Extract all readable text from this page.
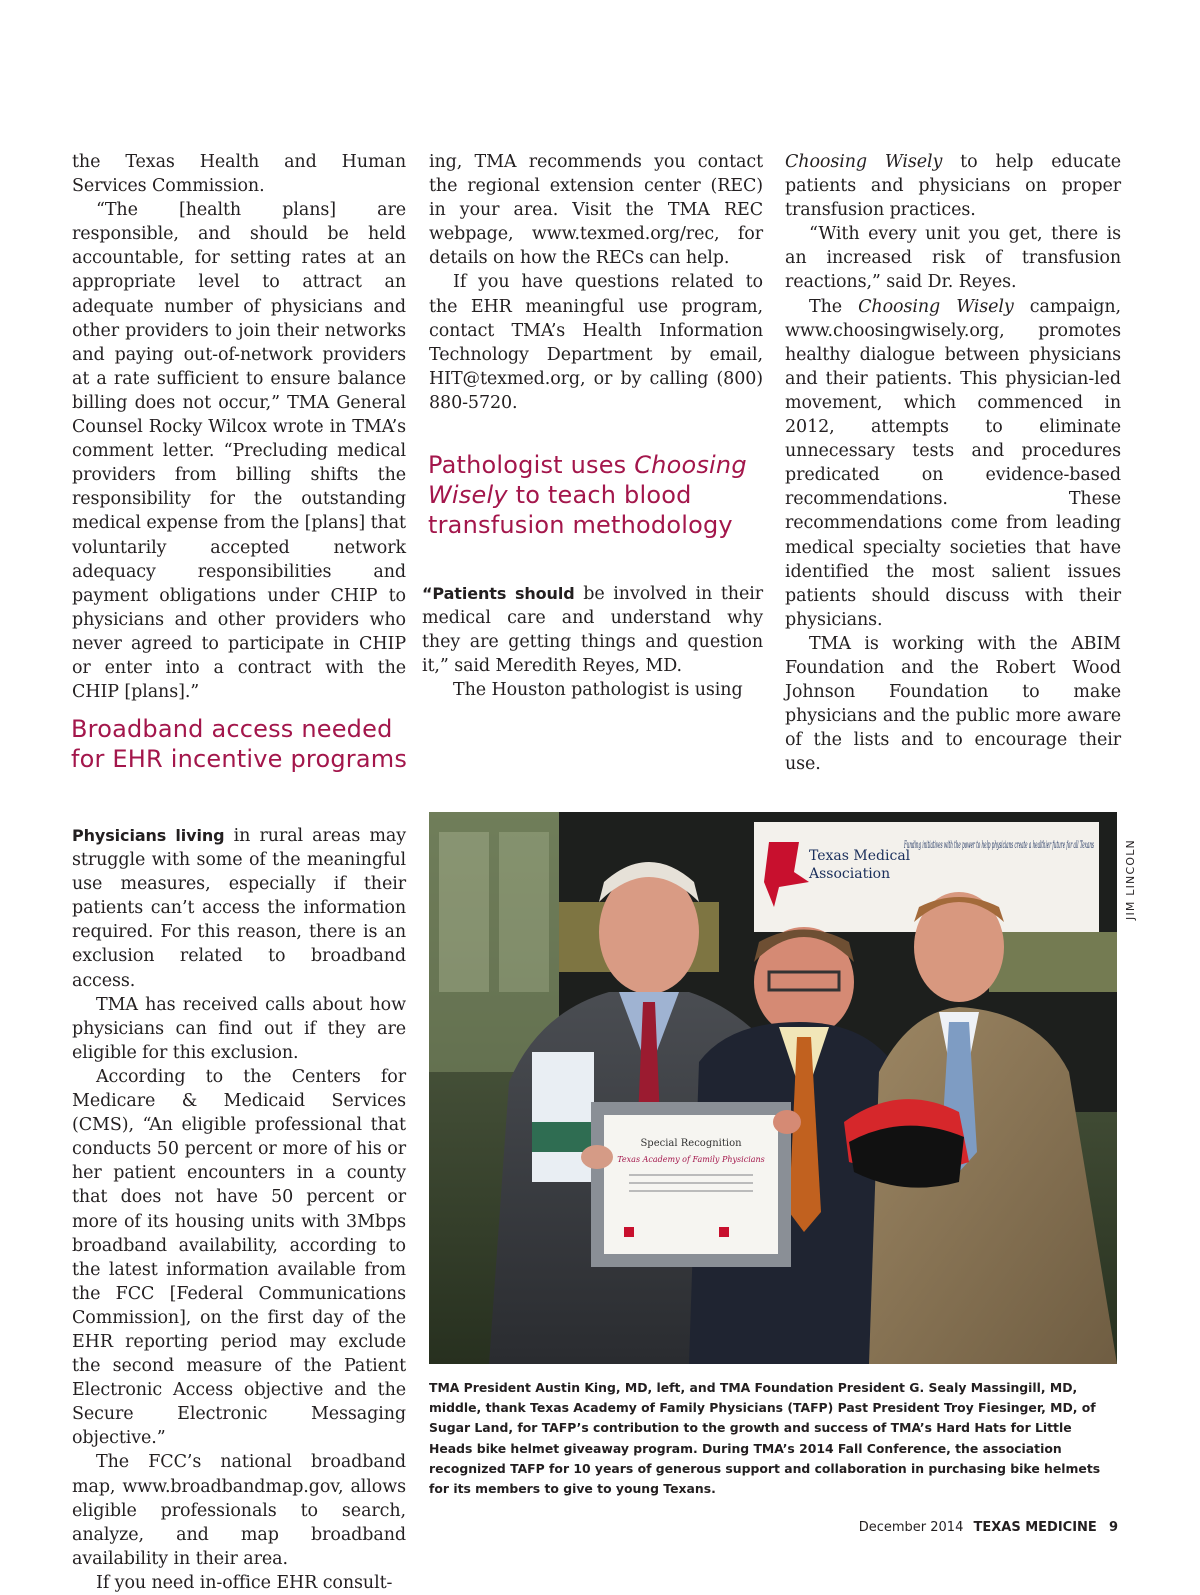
the Texas Health and Human Services Commission.

“The [health plans] are responsible, and should be held accountable, for setting rates at an appropriate level to attract an adequate number of physicians and other providers to join their networks and paying out-of-network providers at a rate sufficient to ensure balance billing does not occur,” TMA General Counsel Rocky Wilcox wrote in TMA’s comment letter. “Precluding medical providers from billing shifts the responsibility for the outstanding medical expense from the [plans] that voluntarily accepted network adequacy responsibilities and payment obligations under CHIP to physicians and other providers who never agreed to participate in CHIP or enter into a contract with the CHIP [plans].”

Broadband access needed for EHR incentive programs

Physicians living in rural areas may struggle with some of the meaningful use measures, especially if their patients can’t access the information required. For this reason, there is an exclusion related to broadband access.

TMA has received calls about how physicians can find out if they are eligible for this exclusion.

According to the Centers for Medicare & Medicaid Services (CMS), “An eligible professional that conducts 50 percent or more of his or her patient encounters in a county that does not have 50 percent or more of its housing units with 3Mbps broadband availability, according to the latest information available from the FCC [Federal Communications Commission], on the first day of the EHR reporting period may exclude the second measure of the Patient Electronic Access objective and the Secure Electronic Messaging objective.”

The FCC’s national broadband map, www.broadbandmap.gov, allows eligible professionals to search, analyze, and map broadband availability in their area.

If you need in-office EHR consult-

ing, TMA recommends you contact the regional extension center (REC) in your area. Visit the TMA REC webpage, www.texmed.org/rec, for details on how the RECs can help.

If you have questions related to the EHR meaningful use program, contact TMA’s Health Information Technology Department by email, HIT@texmed.org, or by calling (800) 880-5720.

Pathologist uses Choosing Wisely to teach blood transfusion methodology

“Patients should be involved in their medical care and understand why they are getting things and question it,” said Meredith Reyes, MD.

The Houston pathologist is using

Choosing Wisely to help educate patients and physicians on proper transfusion practices.

“With every unit you get, there is an increased risk of transfusion reactions,” said Dr. Reyes.

The Choosing Wisely campaign, www.choosingwisely.org, promotes healthy dialogue between physicians and their patients. This physician-led movement, which commenced in 2012, attempts to eliminate unnecessary tests and procedures predicated on evidence-based recommendations. These recommendations come from leading medical specialty societies that have identified the most salient issues patients should discuss with their physicians.

TMA is working with the ABIM Foundation and the Robert Wood Johnson Foundation to make physicians and the public more aware of the lists and to encourage their use.

JIM LINCOLN
Texas Medical
Association
Funding initiatives with the power to help physicians create a healthier future for all Texans
Special Recognition
Texas Academy of Family Physicians

TMA President Austin King, MD, left, and TMA Foundation President G. Sealy Massingill, MD, middle, thank Texas Academy of Family Physicians (TAFP) Past President Troy Fiesinger, MD, of Sugar Land, for TAFP’s contribution to the growth and success of TMA’s Hard Hats for Little Heads bike helmet giveaway program. During TMA’s 2014 Fall Conference, the association recognized TAFP for 10 years of generous support and collaboration in purchasing bike helmets for its members to give to young Texans.

December 2014 TEXAS MEDICINE 9
